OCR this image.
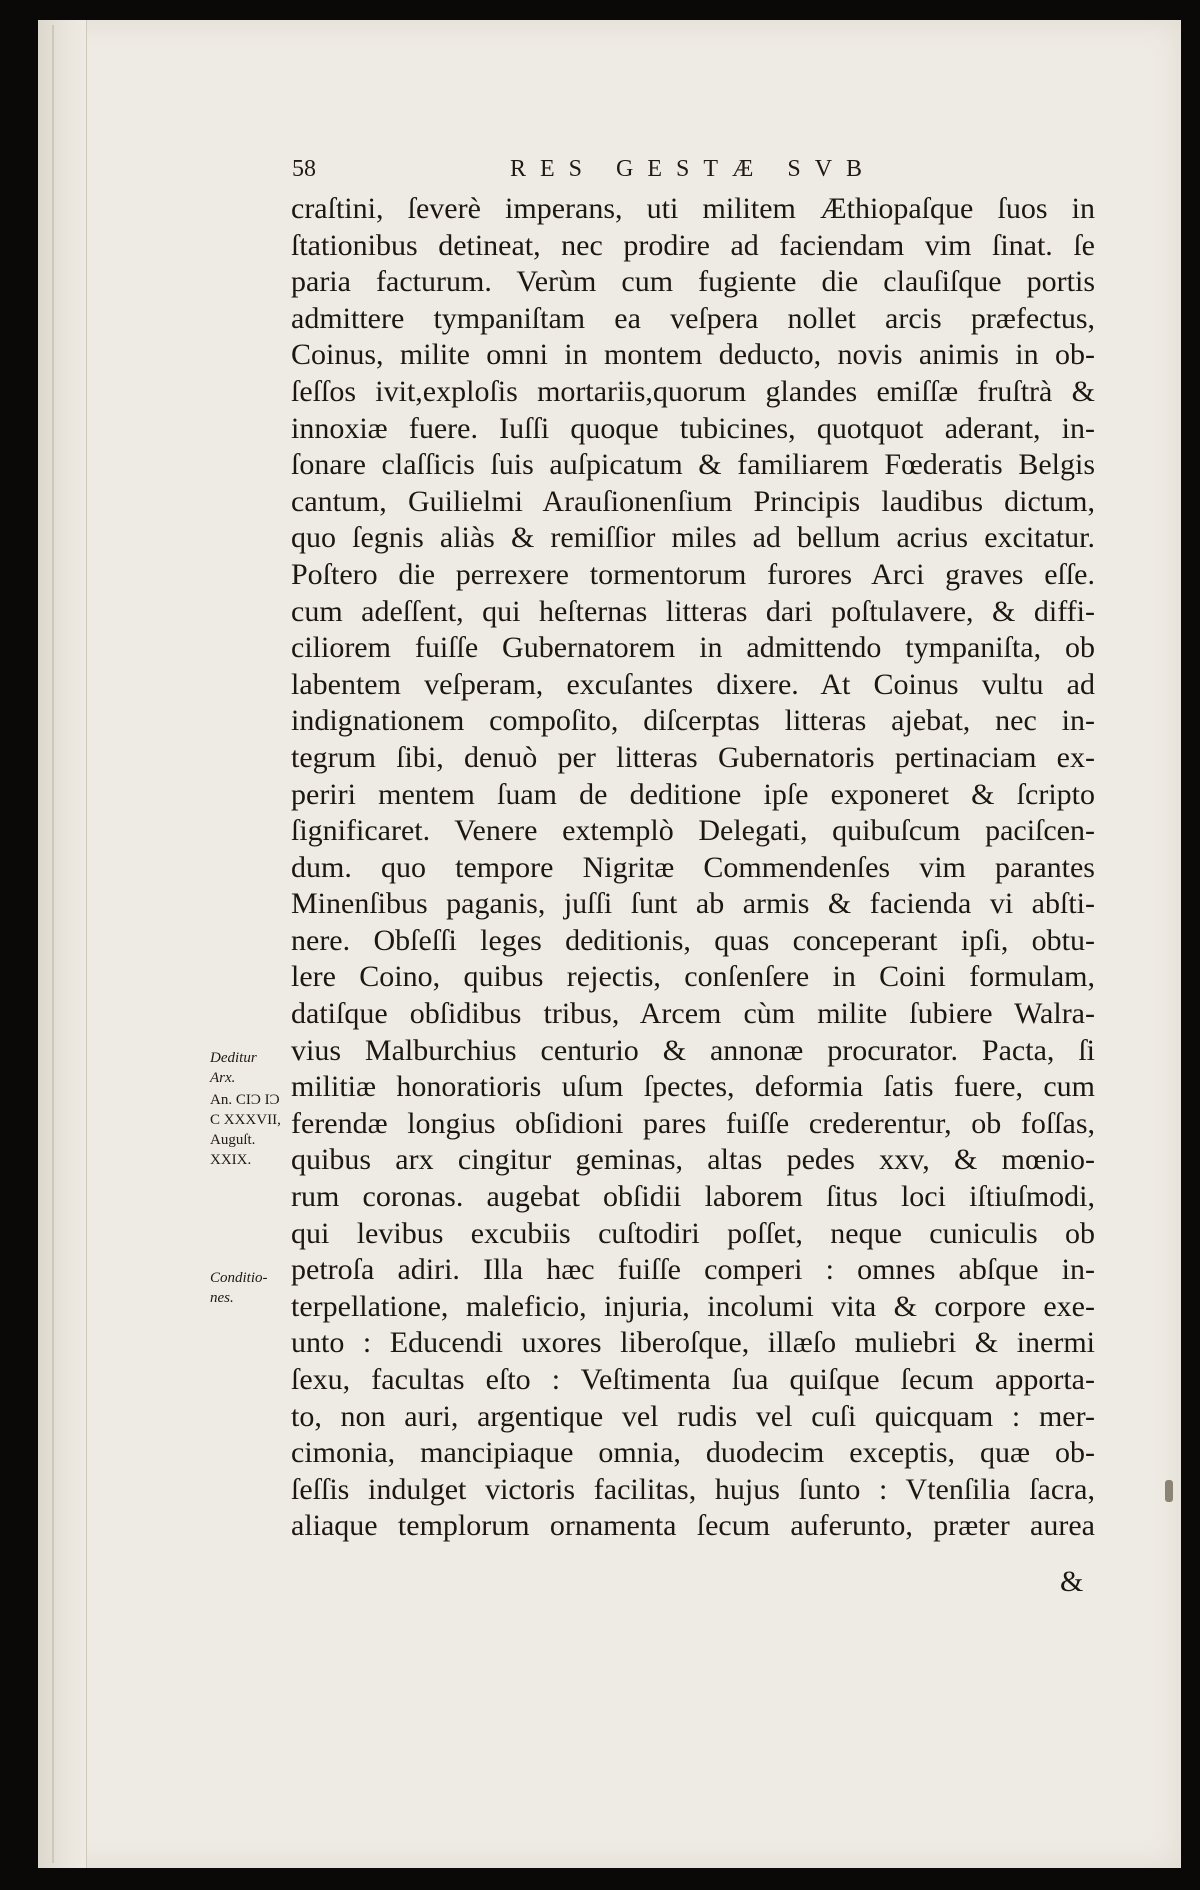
58	RES GESTÆ SVB
craſtini, ſeverè imperans, uti militem Æthiopaſque ſuos in
ſtationibus detineat, nec prodire ad faciendam vim ſinat. ſe
paria facturum. Verùm cum fugiente die clauſiſque portis
admittere tympaniſtam ea veſpera nollet arcis præfectus,
Coinus, milite omni in montem deducto, novis animis in ob-
ſeſſos ivit,exploſis mortariis,quorum glandes emiſſæ fruſtrà &
innoxiæ fuere. Iuſſi quoque tubicines, quotquot aderant, in-
ſonare claſſicis ſuis auſpicatum & familiarem Fœderatis Belgis
cantum, Guilielmi Arauſionenſium Principis laudibus dictum,
quo ſegnis aliàs & remiſſior miles ad bellum acrius excitatur.
Poſtero die perrexere tormentorum furores Arci graves eſſe.
cum adeſſent, qui heſternas litteras dari poſtulavere, & diffi-
ciliorem fuiſſe Gubernatorem in admittendo tympaniſta, ob
labentem veſperam, excuſantes dixere. At Coinus vultu ad
indignationem compoſito, diſcerptas litteras ajebat, nec in-
tegrum ſibi, denuò per litteras Gubernatoris pertinaciam ex-
periri mentem ſuam de deditione ipſe exponeret & ſcripto
ſignificaret. Venere extemplò Delegati, quibuſcum paciſcen-
dum. quo tempore Nigritæ Commendenſes vim parantes
Minenſibus paganis, juſſi ſunt ab armis & facienda vi abſti-
nere. Obſeſſi leges deditionis, quas conceperant ipſi, obtu-
lere Coino, quibus rejectis, conſenſere in Coini formulam,
datiſque obſidibus tribus, Arcem cùm milite ſubiere Walra-
vius Malburchius centurio & annonæ procurator. Pacta, ſi
militiæ honoratioris uſum ſpectes, deformia ſatis fuere, cum
ferendæ longius obſidioni pares fuiſſe crederentur, ob foſſas,
quibus arx cingitur geminas, altas pedes xxv, & mœnio-
rum coronas. augebat obſidii laborem ſitus loci iſtiuſmodi,
qui levibus excubiis cuſtodiri poſſet, neque cuniculis ob
petroſa adiri. Illa hæc fuiſſe comperi : omnes abſque in-
terpellatione, maleficio, injuria, incolumi vita & corpore exe-
unto : Educendi uxores liberoſque, illæſo muliebri & inermi
ſexu, facultas eſto : Veſtimenta ſua quiſque ſecum apporta-
to, non auri, argentique vel rudis vel cuſi quicquam : mer-
cimonia, mancipiaque omnia, duodecim exceptis, quæ ob-
ſeſſis indulget victoris facilitas, hujus ſunto : Vtenſilia ſacra,
aliaque templorum ornamenta ſecum auferunto, præter aurea
Deditur
Arx.
An. CIϽ IϽ
C XXXVII,
Auguſt.
XXIX.
Conditio-
nes.
&
